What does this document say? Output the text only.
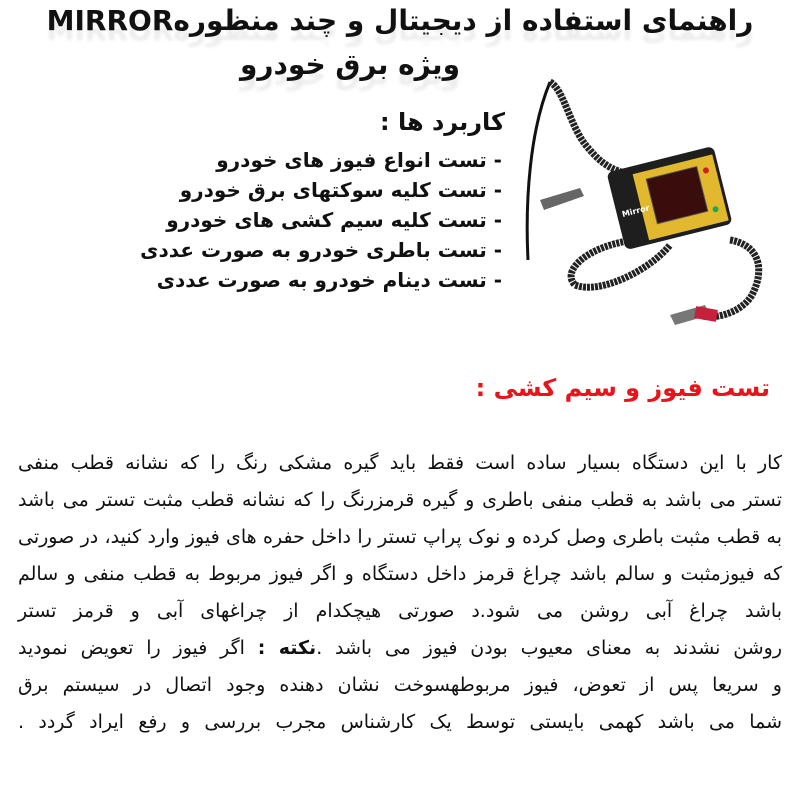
راهنمای استفاده از دیجیتال و چند منظورهMIRROR
ویژه برق خودرو
کاربرد ها :
- تست انواع فیوز های خودرو
- تست کلیه سوکتهای برق خودرو
- تست کلیه سیم کشی های خودرو
- تست باطری خودرو به صورت عددی
- تست دینام خودرو به صورت عددی
Mirror
تست فیوز و سیم کشی :
کار با این دستگاه بسیار ساده است فقط باید گیره مشکی رنگ را که نشانه قطب منفی
تستر می باشد به قطب منفی باطری و گیره قرمزرنگ را که نشانه قطب مثبت تستر می باشد
به قطب مثبت باطری وصل کرده و نوک پراپ تستر را داخل حفره های فیوز وارد کنید، در صورتی
که فیوزمثبت و سالم باشد چراغ قرمز داخل دستگاه و اگر فیوز مربوط به قطب منفی و سالم
باشد چراغ آبی روشن می شود.د صورتی هیچکدام از چراغهای آبی و قرمز تستر
روشن نشدند به معنای معیوب بودن فیوز می باشد .نکته : اگر فیوز را تعویض نمودید
و سریعا پس از تعوض، فیوز مربوطهسوخت نشان دهنده وجود اتصال در سیستم برق
شما می باشد کهمی بایستی توسط یک کارشناس مجرب بررسی و رفع ایراد گردد .
